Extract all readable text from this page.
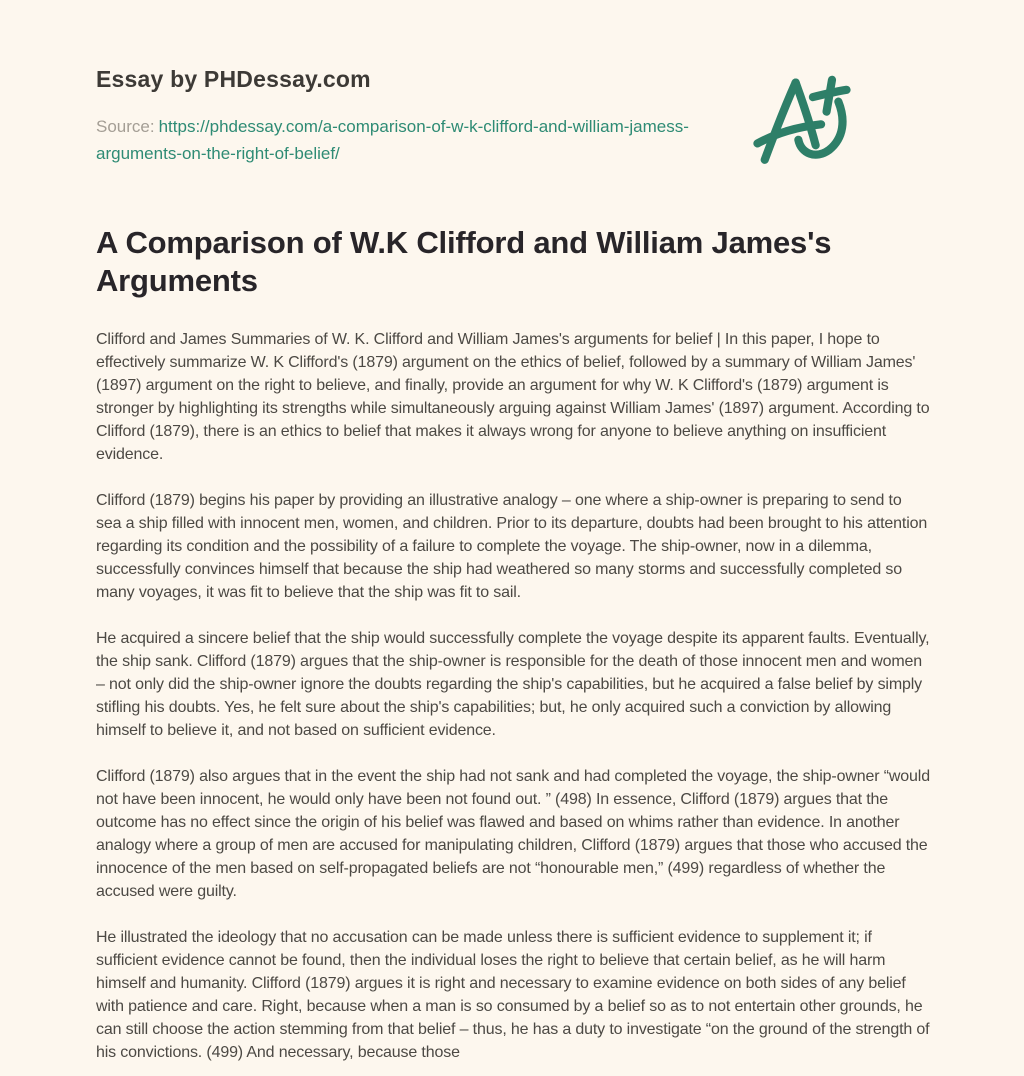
Essay by PHDessay.com

Source: https://phdessay.com/a-comparison-of-w-k-clifford-and-william-jamess-arguments-on-the-right-of-belief/

A Comparison of W.K Clifford and William James's Arguments

Clifford and James Summaries of W. K. Clifford and William James's arguments for belief | In this paper, I hope to effectively summarize W. K Clifford's (1879) argument on the ethics of belief, followed by a summary of William James' (1897) argument on the right to believe, and finally, provide an argument for why W. K Clifford's (1879) argument is stronger by highlighting its strengths while simultaneously arguing against William James' (1897) argument. According to Clifford (1879), there is an ethics to belief that makes it always wrong for anyone to believe anything on insufficient evidence.

Clifford (1879) begins his paper by providing an illustrative analogy – one where a ship-owner is preparing to send to sea a ship filled with innocent men, women, and children. Prior to its departure, doubts had been brought to his attention regarding its condition and the possibility of a failure to complete the voyage. The ship-owner, now in a dilemma, successfully convinces himself that because the ship had weathered so many storms and successfully completed so many voyages, it was fit to believe that the ship was fit to sail.

He acquired a sincere belief that the ship would successfully complete the voyage despite its apparent faults. Eventually, the ship sank. Clifford (1879) argues that the ship-owner is responsible for the death of those innocent men and women – not only did the ship-owner ignore the doubts regarding the ship's capabilities, but he acquired a false belief by simply stifling his doubts. Yes, he felt sure about the ship's capabilities; but, he only acquired such a conviction by allowing himself to believe it, and not based on sufficient evidence.

Clifford (1879) also argues that in the event the ship had not sank and had completed the voyage, the ship-owner “would not have been innocent, he would only have been not found out. ” (498) In essence, Clifford (1879) argues that the outcome has no effect since the origin of his belief was flawed and based on whims rather than evidence. In another analogy where a group of men are accused for manipulating children, Clifford (1879) argues that those who accused the innocence of the men based on self-propagated beliefs are not “honourable men,” (499) regardless of whether the accused were guilty.

He illustrated the ideology that no accusation can be made unless there is sufficient evidence to supplement it; if sufficient evidence cannot be found, then the individual loses the right to believe that certain belief, as he will harm himself and humanity. Clifford (1879) argues it is right and necessary to examine evidence on both sides of any belief with patience and care. Right, because when a man is so consumed by a belief so as to not entertain other grounds, he can still choose the action stemming from that belief – thus, he has a duty to investigate “on the ground of the strength of his convictions. (499) And necessary, because those
